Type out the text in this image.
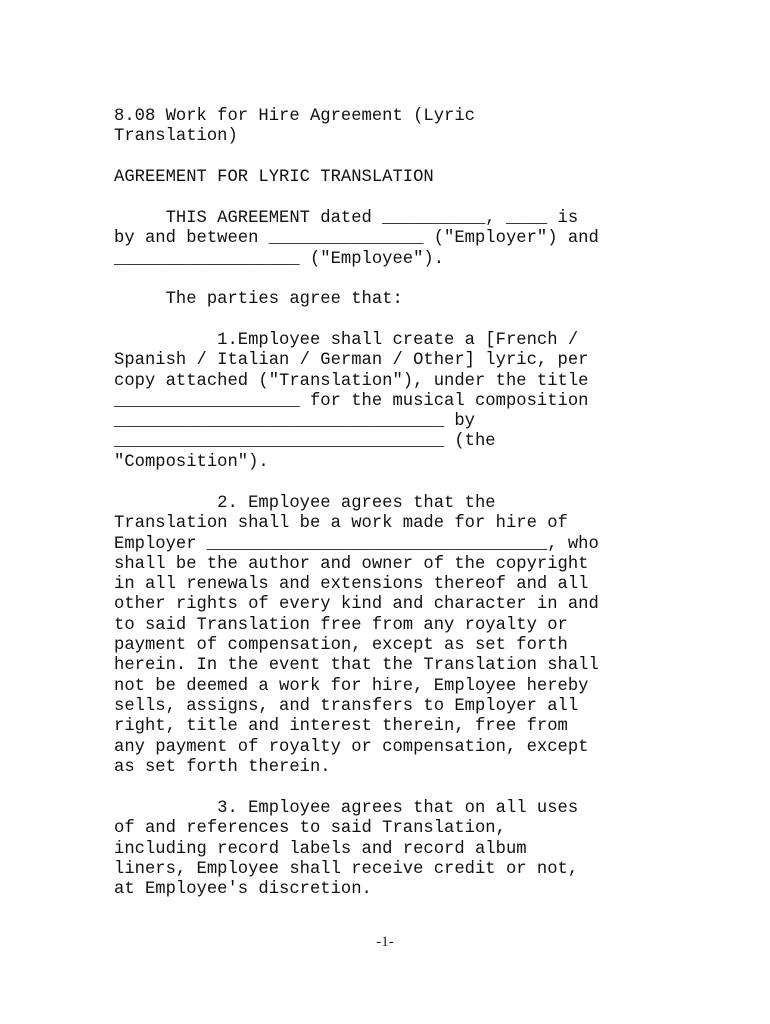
8.08 Work for Hire Agreement (Lyric
Translation)
AGREEMENT FOR LYRIC TRANSLATION
THIS AGREEMENT dated __________, ____ is
by and between _______________ ("Employer") and
__________________ ("Employee").
The parties agree that:
1.Employee shall create a [French /
Spanish / Italian / German / Other] lyric, per
copy attached ("Translation"), under the title
__________________ for the musical composition
________________________________ by
________________________________ (the
"Composition").
2. Employee agrees that the
Translation shall be a work made for hire of
Employer _________________________________, who
shall be the author and owner of the copyright
in all renewals and extensions thereof and all
other rights of every kind and character in and
to said Translation free from any royalty or
payment of compensation, except as set forth
herein. In the event that the Translation shall
not be deemed a work for hire, Employee hereby
sells, assigns, and transfers to Employer all
right, title and interest therein, free from
any payment of royalty or compensation, except
as set forth therein.
3. Employee agrees that on all uses
of and references to said Translation,
including record labels and record album
liners, Employee shall receive credit or not,
at Employee's discretion.
-1-
